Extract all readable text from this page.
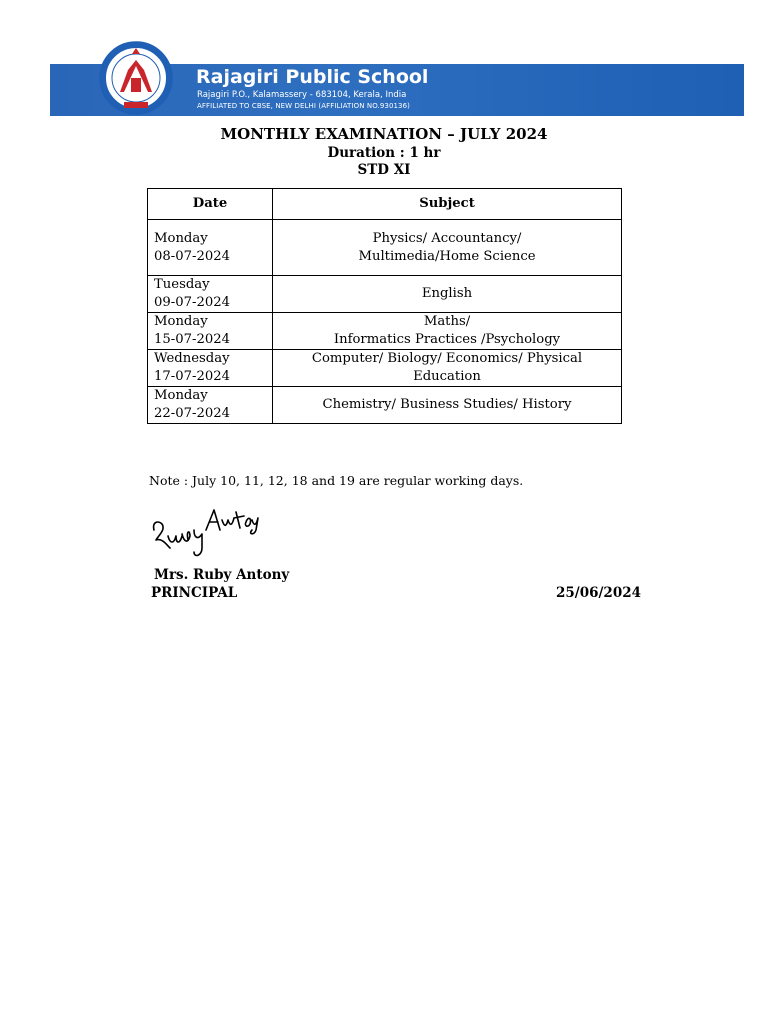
Rajagiri Public School
Rajagiri P.O., Kalamassery - 683104, Kerala, India
AFFILIATED TO CBSE, NEW DELHI (AFFILIATION NO.930136)
MONTHLY EXAMINATION – JULY 2024
Duration : 1 hr
STD XI
Date	Subject

Monday
08-07-2024	Physics/ Accountancy/
Multimedia/Home Science

Tuesday
09-07-2024	English

Monday
15-07-2024	Maths/
Informatics Practices /Psychology

Wednesday
17-07-2024	Computer/ Biology/ Economics/ Physical
Education

Monday
22-07-2024	Chemistry/ Business Studies/ History
Note : July 10, 11, 12, 18 and 19 are regular working days.
Mrs. Ruby Antony
PRINCIPAL	25/06/2024
